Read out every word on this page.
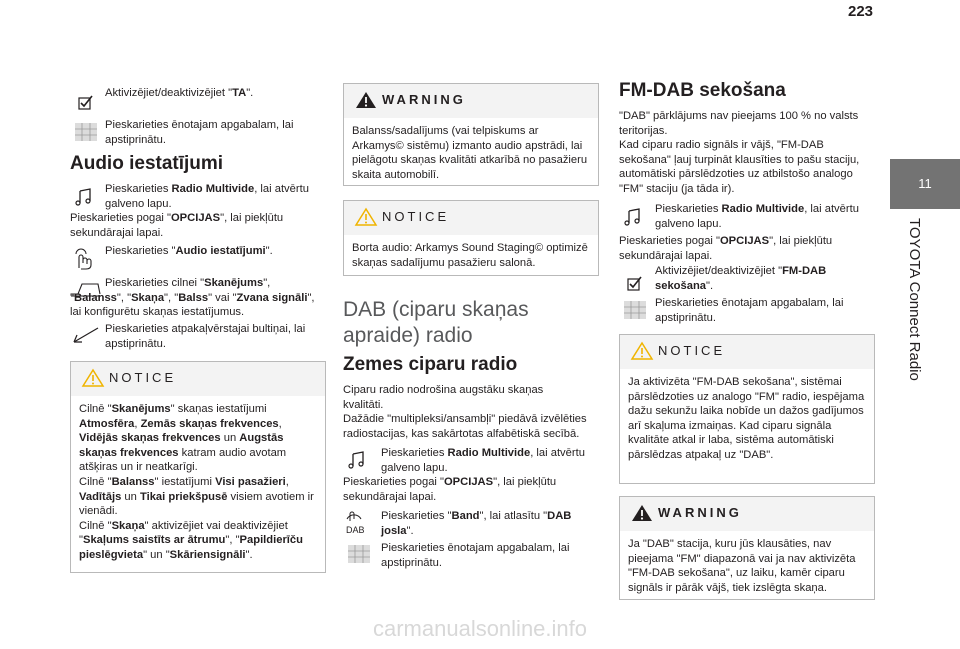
223
11
TOYOTA Connect Radio
Aktivizējiet/deaktivizējiet "TA".
Pieskarieties ēnotajam apgabalam, lai apstiprinātu.
Audio iestatījumi
Pieskarieties Radio Multivide, lai atvērtu galveno lapu.
Pieskarieties pogai "OPCIJAS", lai piekļūtu sekundārajai lapai.
Pieskarieties "Audio iestatījumi".
Pieskarieties cilnei "Skanējums", "Balanss", "Skaņa", "Balss" vai "Zvana signāli", lai konfigurētu skaņas iestatījumus.
Pieskarieties atpakaļvērstajai bultiņai, lai apstiprinātu.
NOTICE
Cilnē "Skanējums" skaņas iestatījumi Atmosfēra, Zemās skaņas frekvences, Vidējās skaņas frekvences un Augstās skaņas frekvences katram audio avotam atšķiras un ir neatkarīgi.
Cilnē "Balanss" iestatījumi Visi pasažieri, Vadītājs un Tikai priekšpusē visiem avotiem ir vienādi.
Cilnē "Skaņa" aktivizējiet vai deaktivizējiet "Skaļums saistīts ar ātrumu", "Papildierīču pieslēgvieta" un "Skāriensignāli".
WARNING
Balanss/sadalījums (vai telpiskums ar Arkamys© sistēmu) izmanto audio apstrādi, lai pielāgotu skaņas kvalitāti atkarībā no pasažieru skaita automobilī.
NOTICE
Borta audio: Arkamys Sound Staging© optimizē skaņas sadalījumu pasažieru salonā.
DAB (ciparu skaņas apraide) radio
Zemes ciparu radio
Ciparu radio nodrošina augstāku skaņas kvalitāti.
Dažādie "multipleksi/ansambļi" piedāvā izvēlēties radiostacijas, kas sakārtotas alfabētiskā secībā.
Pieskarieties Radio Multivide, lai atvērtu galveno lapu.
Pieskarieties pogai "OPCIJAS", lai piekļūtu sekundārajai lapai.
DAB
Pieskarieties "Band", lai atlasītu "DAB josla".
Pieskarieties ēnotajam apgabalam, lai apstiprinātu.
FM-DAB sekošana
"DAB" pārklājums nav pieejams 100 % no valsts teritorijas.
Kad ciparu radio signāls ir vājš, "FM-DAB sekošana" ļauj turpināt klausīties to pašu staciju, automātiski pārslēdzoties uz atbilstošo analogo "FM" staciju (ja tāda ir).
Pieskarieties Radio Multivide, lai atvērtu galveno lapu.
Pieskarieties pogai "OPCIJAS", lai piekļūtu sekundārajai lapai.
Aktivizējiet/deaktivizējiet "FM-DAB sekošana".
Pieskarieties ēnotajam apgabalam, lai apstiprinātu.
NOTICE
Ja aktivizēta "FM-DAB sekošana", sistēmai pārslēdzoties uz analogo "FM" radio, iespējama dažu sekunžu laika nobīde un dažos gadījumos arī skaļuma izmaiņas. Kad ciparu signāla kvalitāte atkal ir laba, sistēma automātiski pārslēdzas atpakaļ uz "DAB".
WARNING
Ja "DAB" stacija, kuru jūs klausāties, nav pieejama "FM" diapazonā vai ja nav aktivizēta "FM-DAB sekošana", uz laiku, kamēr ciparu signāls ir pārāk vājš, tiek izslēgta skaņa.
carmanualsonline.info
